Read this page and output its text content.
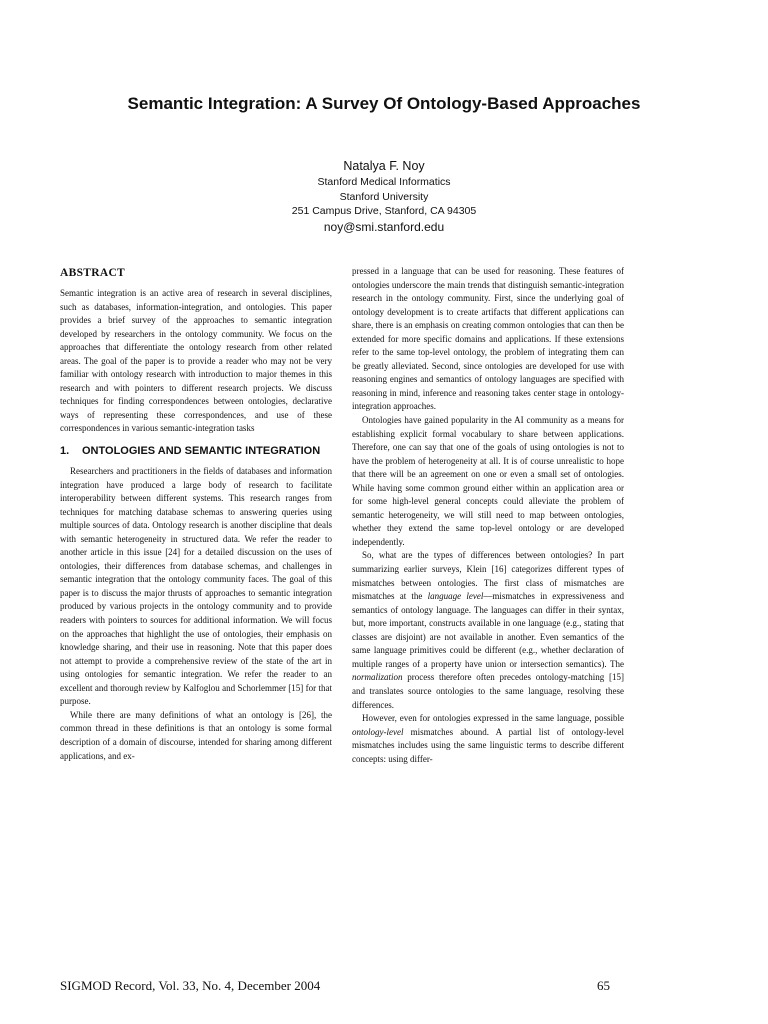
Semantic Integration: A Survey Of Ontology-Based Approaches
Natalya F. Noy
Stanford Medical Informatics
Stanford University
251 Campus Drive, Stanford, CA 94305
noy@smi.stanford.edu
ABSTRACT

Semantic integration is an active area of research in several disciplines, such as databases, information-integration, and ontologies. This paper provides a brief survey of the approaches to semantic integration developed by researchers in the ontology community. We focus on the approaches that differentiate the ontology research from other related areas. The goal of the paper is to provide a reader who may not be very familiar with ontology research with introduction to major themes in this research and with pointers to different research projects. We discuss techniques for finding correspondences between ontologies, declarative ways of representing these correspondences, and use of these correspondences in various semantic-integration tasks

1.	ONTOLOGIES AND SEMANTIC INTEGRATION

Researchers and practitioners in the fields of databases and information integration have produced a large body of research to facilitate interoperability between different systems. This research ranges from techniques for matching database schemas to answering queries using multiple sources of data. Ontology research is another discipline that deals with semantic heterogeneity in structured data. We refer the reader to another article in this issue [24] for a detailed discussion on the uses of ontologies, their differences from database schemas, and challenges in semantic integration that the ontology community faces. The goal of this paper is to discuss the major thrusts of approaches to semantic integration produced by various projects in the ontology community and to provide readers with pointers to sources for additional information. We will focus on the approaches that highlight the use of ontologies, their emphasis on knowledge sharing, and their use in reasoning. Note that this paper does not attempt to provide a comprehensive review of the state of the art in using ontologies for semantic integration. We refer the reader to an excellent and thorough review by Kalfoglou and Schorlemmer [15] for that purpose.

While there are many definitions of what an ontology is [26], the common thread in these definitions is that an ontology is some formal description of a domain of discourse, intended for sharing among different applications, and ex-

pressed in a language that can be used for reasoning. These features of ontologies underscore the main trends that distinguish semantic-integration research in the ontology community. First, since the underlying goal of ontology development is to create artifacts that different applications can share, there is an emphasis on creating common ontologies that can then be extended for more specific domains and applications. If these extensions refer to the same top-level ontology, the problem of integrating them can be greatly alleviated. Second, since ontologies are developed for use with reasoning engines and semantics of ontology languages are specified with reasoning in mind, inference and reasoning takes center stage in ontology-integration approaches.

Ontologies have gained popularity in the AI community as a means for establishing explicit formal vocabulary to share between applications. Therefore, one can say that one of the goals of using ontologies is not to have the problem of heterogeneity at all. It is of course unrealistic to hope that there will be an agreement on one or even a small set of ontologies. While having some common ground either within an application area or for some high-level general concepts could alleviate the problem of semantic heterogeneity, we will still need to map between ontologies, whether they extend the same top-level ontology or are developed independently.

So, what are the types of differences between ontologies? In part summarizing earlier surveys, Klein [16] categorizes different types of mismatches between ontologies. The first class of mismatches are mismatches at the language level—mismatches in expressiveness and semantics of ontology language. The languages can differ in their syntax, but, more important, constructs available in one language (e.g., stating that classes are disjoint) are not available in another. Even semantics of the same language primitives could be different (e.g., whether declaration of multiple ranges of a property have union or intersection semantics). The normalization process therefore often precedes ontology-matching [15] and translates source ontologies to the same language, resolving these differences.

However, even for ontologies expressed in the same language, possible ontology-level mismatches abound. A partial list of ontology-level mismatches includes using the same linguistic terms to describe different concepts: using differ-

SIGMOD Record, Vol. 33, No. 4, December 2004	65
